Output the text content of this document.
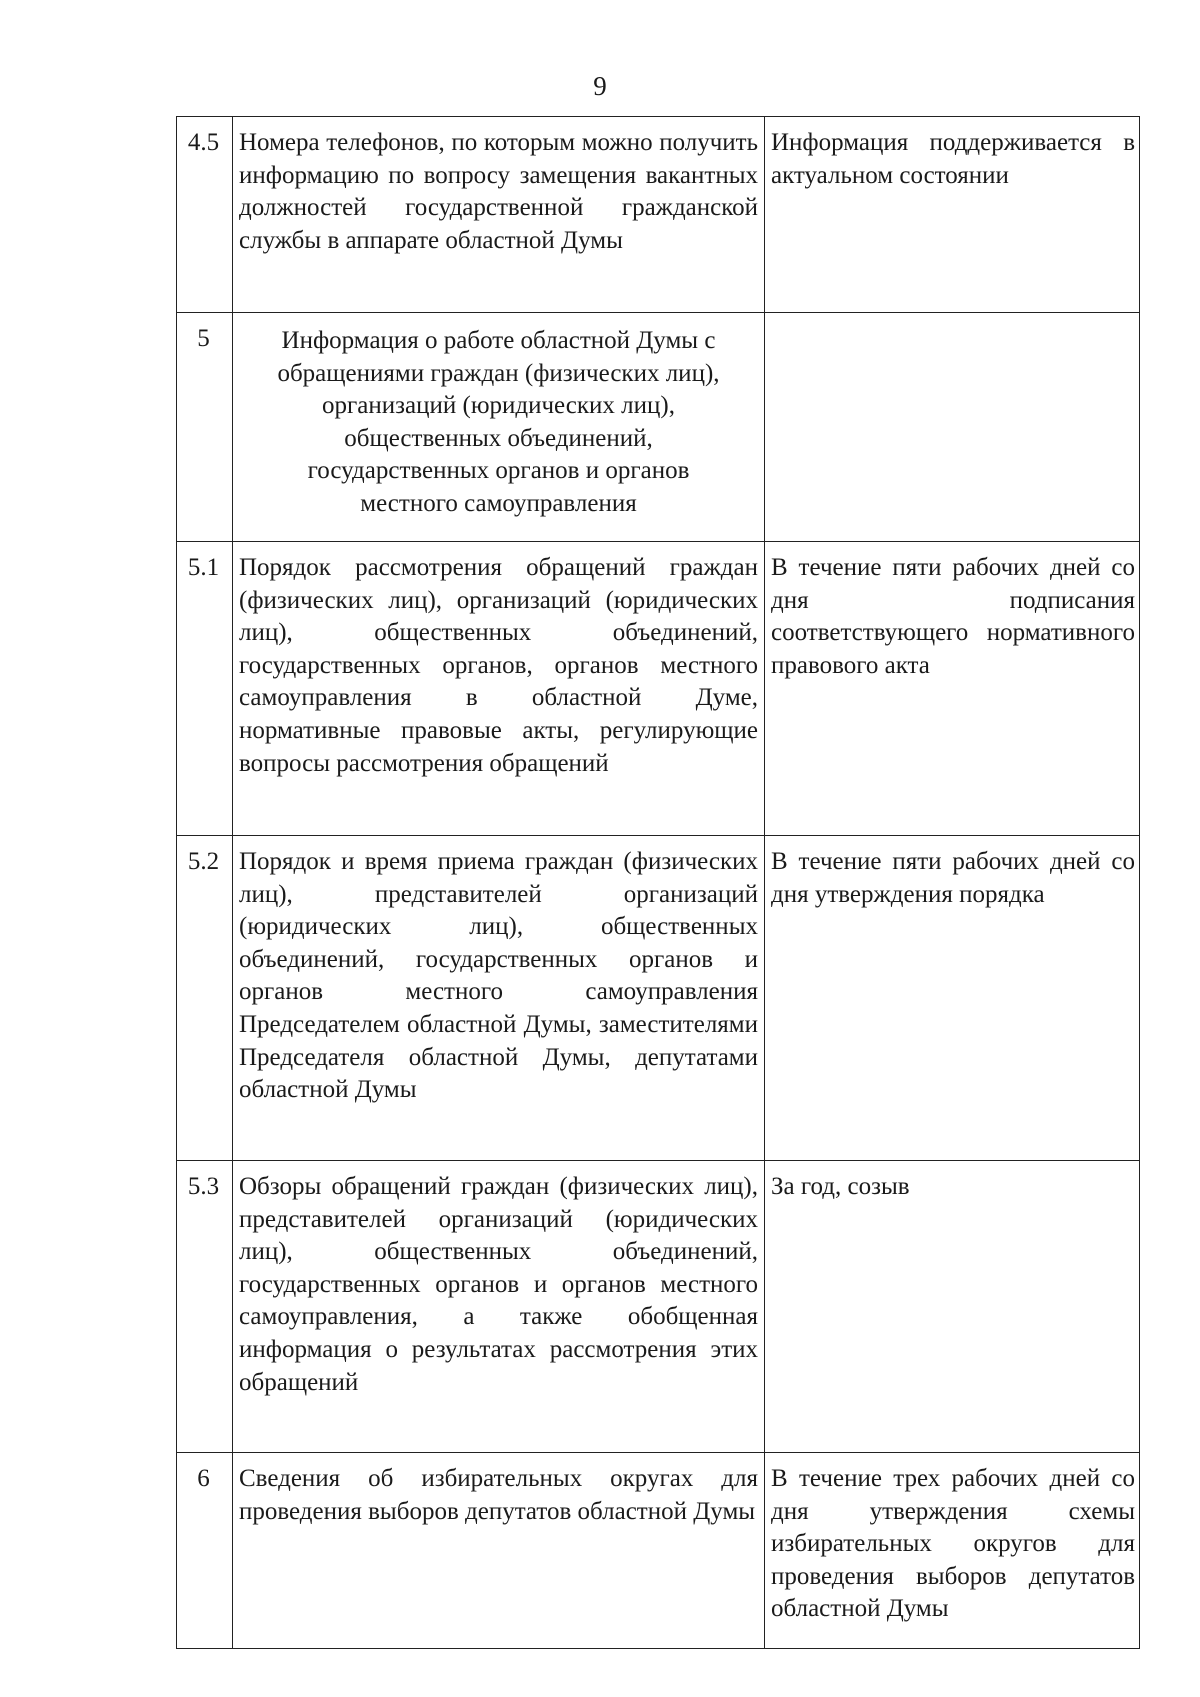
9
4.5	Номера телефонов, по которым можно получить информацию по вопросу замещения вакантных должностей государственной гражданской службы в аппарате областной Думы	Информация поддерживается в актуальном состоянии
5	Информация о работе областной Думы с обращениями граждан (физических лиц), организаций (юридических лиц), общественных объединений, государственных органов и органов местного самоуправления	
5.1	Порядок рассмотрения обращений граждан (физических лиц), организаций (юридических лиц), общественных объединений, государственных органов, органов местного самоуправления в областной Думе, нормативные правовые акты, регулирующие вопросы рассмотрения обращений	В течение пяти рабочих дней со дня подписания соответствующего нормативного правового акта
5.2	Порядок и время приема граждан (физических лиц), представителей организаций (юридических лиц), общественных объединений, государственных органов и органов местного самоуправления Председателем областной Думы, заместителями Председателя областной Думы, депутатами областной Думы	В течение пяти рабочих дней со дня утверждения порядка
5.3	Обзоры обращений граждан (физических лиц), представителей организаций (юридических лиц), общественных объединений, государственных органов и органов местного самоуправления, а также обобщенная информация о результатах рассмотрения этих обращений	За год, созыв
6	Сведения об избирательных округах для проведения выборов депутатов областной Думы	В течение трех рабочих дней со дня утверждения схемы избирательных округов для проведения выборов депутатов областной Думы
